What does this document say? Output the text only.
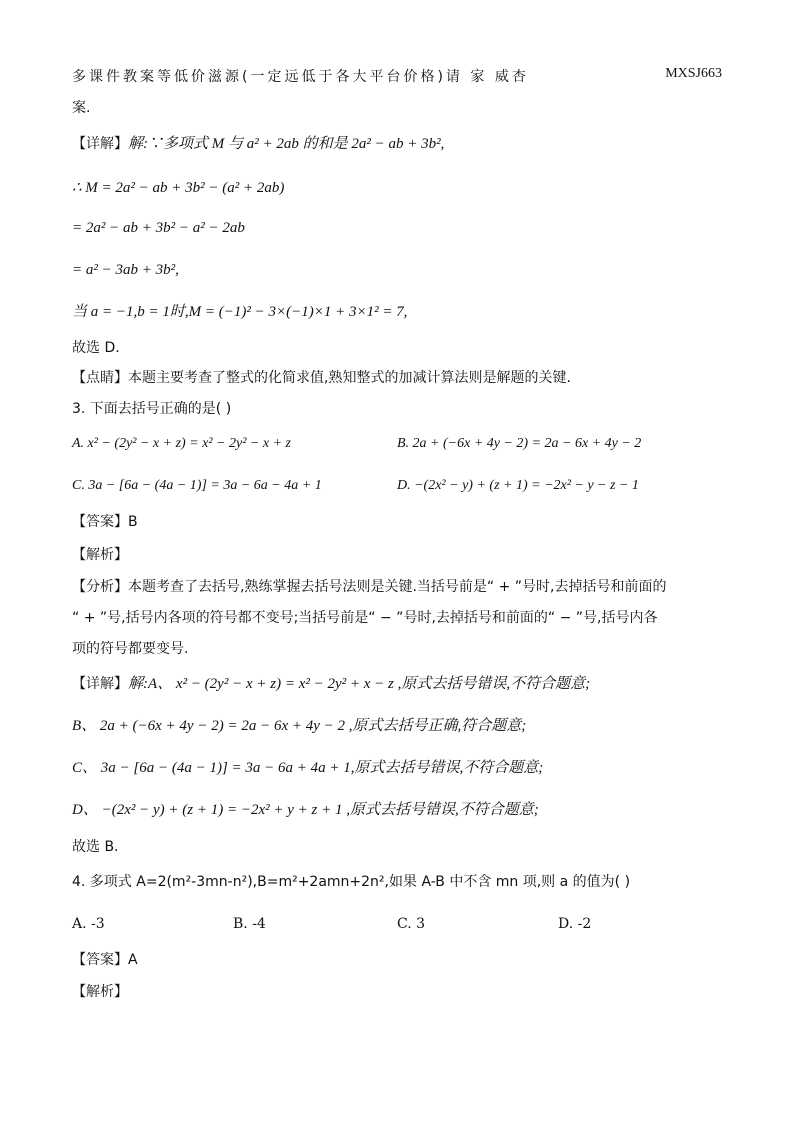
多课件教案等低价滋源(一定远低于各大平台价格)请 家 威杏	MXSJ663
案.
【详解】解:∵多项式 M 与 a² + 2ab 的和是 2a² − ab + 3b²,
∴ M = 2a² − ab + 3b² − (a² + 2ab)
= 2a² − ab + 3b² − a² − 2ab
= a² − 3ab + 3b²,
当 a = −1,b = 1时,M = (−1)² − 3×(−1)×1 + 3×1² = 7,
故选 D.
【点睛】本题主要考查了整式的化简求值,熟知整式的加减计算法则是解题的关键.
3. 下面去括号正确的是( )
A. x² − (2y² − x + z) = x² − 2y² − x + z	B. 2a + (−6x + 4y − 2) = 2a − 6x + 4y − 2
C. 3a − [6a − (4a − 1)] = 3a − 6a − 4a + 1	D. −(2x² − y) + (z + 1) = −2x² − y − z − 1
【答案】B
【解析】
【分析】本题考查了去括号,熟练掌握去括号法则是关键.当括号前是“ + ”号时,去掉括号和前面的
“ + ”号,括号内各项的符号都不变号;当括号前是“ − ”号时,去掉括号和前面的“ − ”号,括号内各
项的符号都要变号.
【详解】解:A、 x² − (2y² − x + z) = x² − 2y² + x − z ,原式去括号错误,不符合题意;
B、 2a + (−6x + 4y − 2) = 2a − 6x + 4y − 2 ,原式去括号正确,符合题意;
C、 3a − [6a − (4a − 1)] = 3a − 6a + 4a + 1,原式去括号错误,不符合题意;
D、 −(2x² − y) + (z + 1) = −2x² + y + z + 1 ,原式去括号错误,不符合题意;
故选 B.
4. 多项式 A=2(m²-3mn-n²),B=m²+2amn+2n²,如果 A-B 中不含 mn 项,则 a 的值为( )
A. -3	B. -4	C. 3	D. -2
【答案】A
【解析】
